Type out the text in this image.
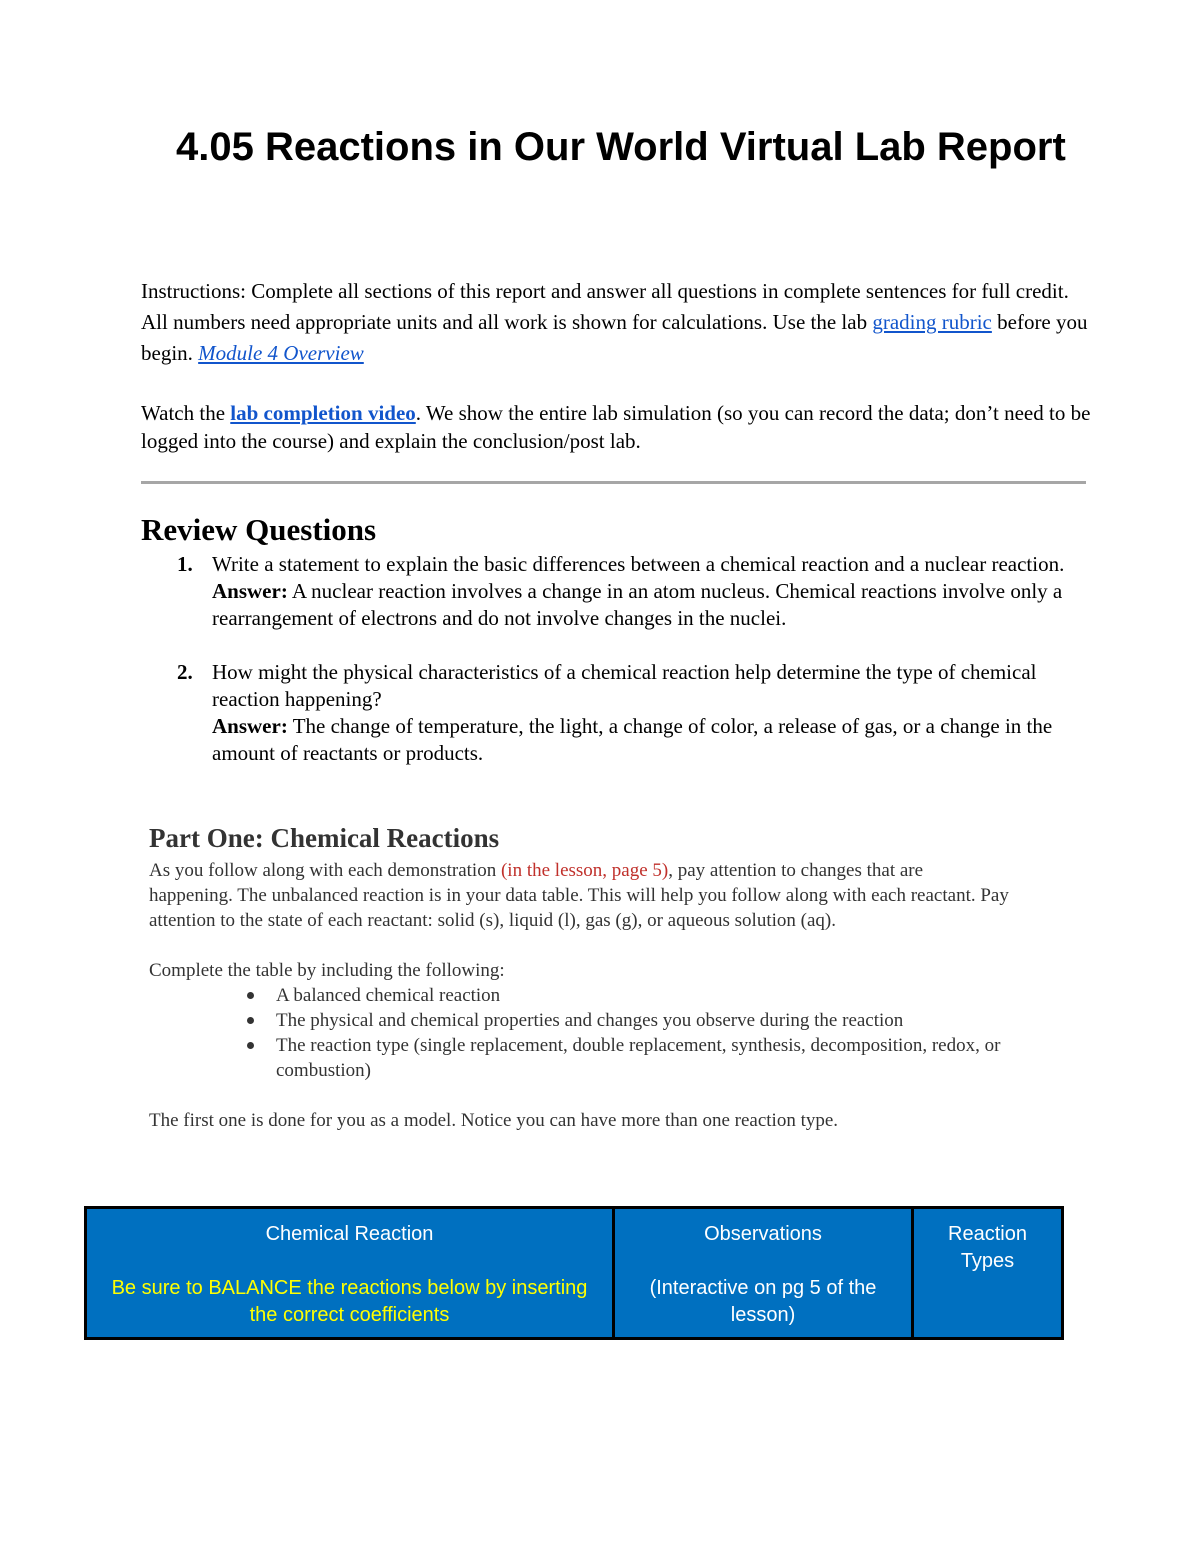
4.05 Reactions in Our World Virtual Lab Report

Instructions: Complete all sections of this report and answer all questions in complete sentences for full credit. All numbers need appropriate units and all work is shown for calculations. Use the lab grading rubric before you begin. Module 4 Overview

Watch the lab completion video. We show the entire lab simulation (so you can record the data; don’t need to be logged into the course) and explain the conclusion/post lab.

Review Questions
1. Write a statement to explain the basic differences between a chemical reaction and a nuclear reaction.
Answer: A nuclear reaction involves a change in an atom nucleus. Chemical reactions involve only a rearrangement of electrons and do not involve changes in the nuclei.
2. How might the physical characteristics of a chemical reaction help determine the type of chemical reaction happening?
Answer: The change of temperature, the light, a change of color, a release of gas, or a change in the amount of reactants or products.
Part One: Chemical Reactions

As you follow along with each demonstration (in the lesson, page 5), pay attention to changes that are happening. The unbalanced reaction is in your data table. This will help you follow along with each reactant. Pay attention to the state of each reactant: solid (s), liquid (l), gas (g), or aqueous solution (aq).

Complete the table by including the following:

A balanced chemical reaction
The physical and chemical properties and changes you observe during the reaction
The reaction type (single replacement, double replacement, synthesis, decomposition, redox, or combustion)

The first one is done for you as a model. Notice you can have more than one reaction type.

Chemical Reaction
Be sure to BALANCE the reactions below by inserting the correct coefficients
	Observations
(Interactive on pg 5 of the lesson)
	Reaction Types
